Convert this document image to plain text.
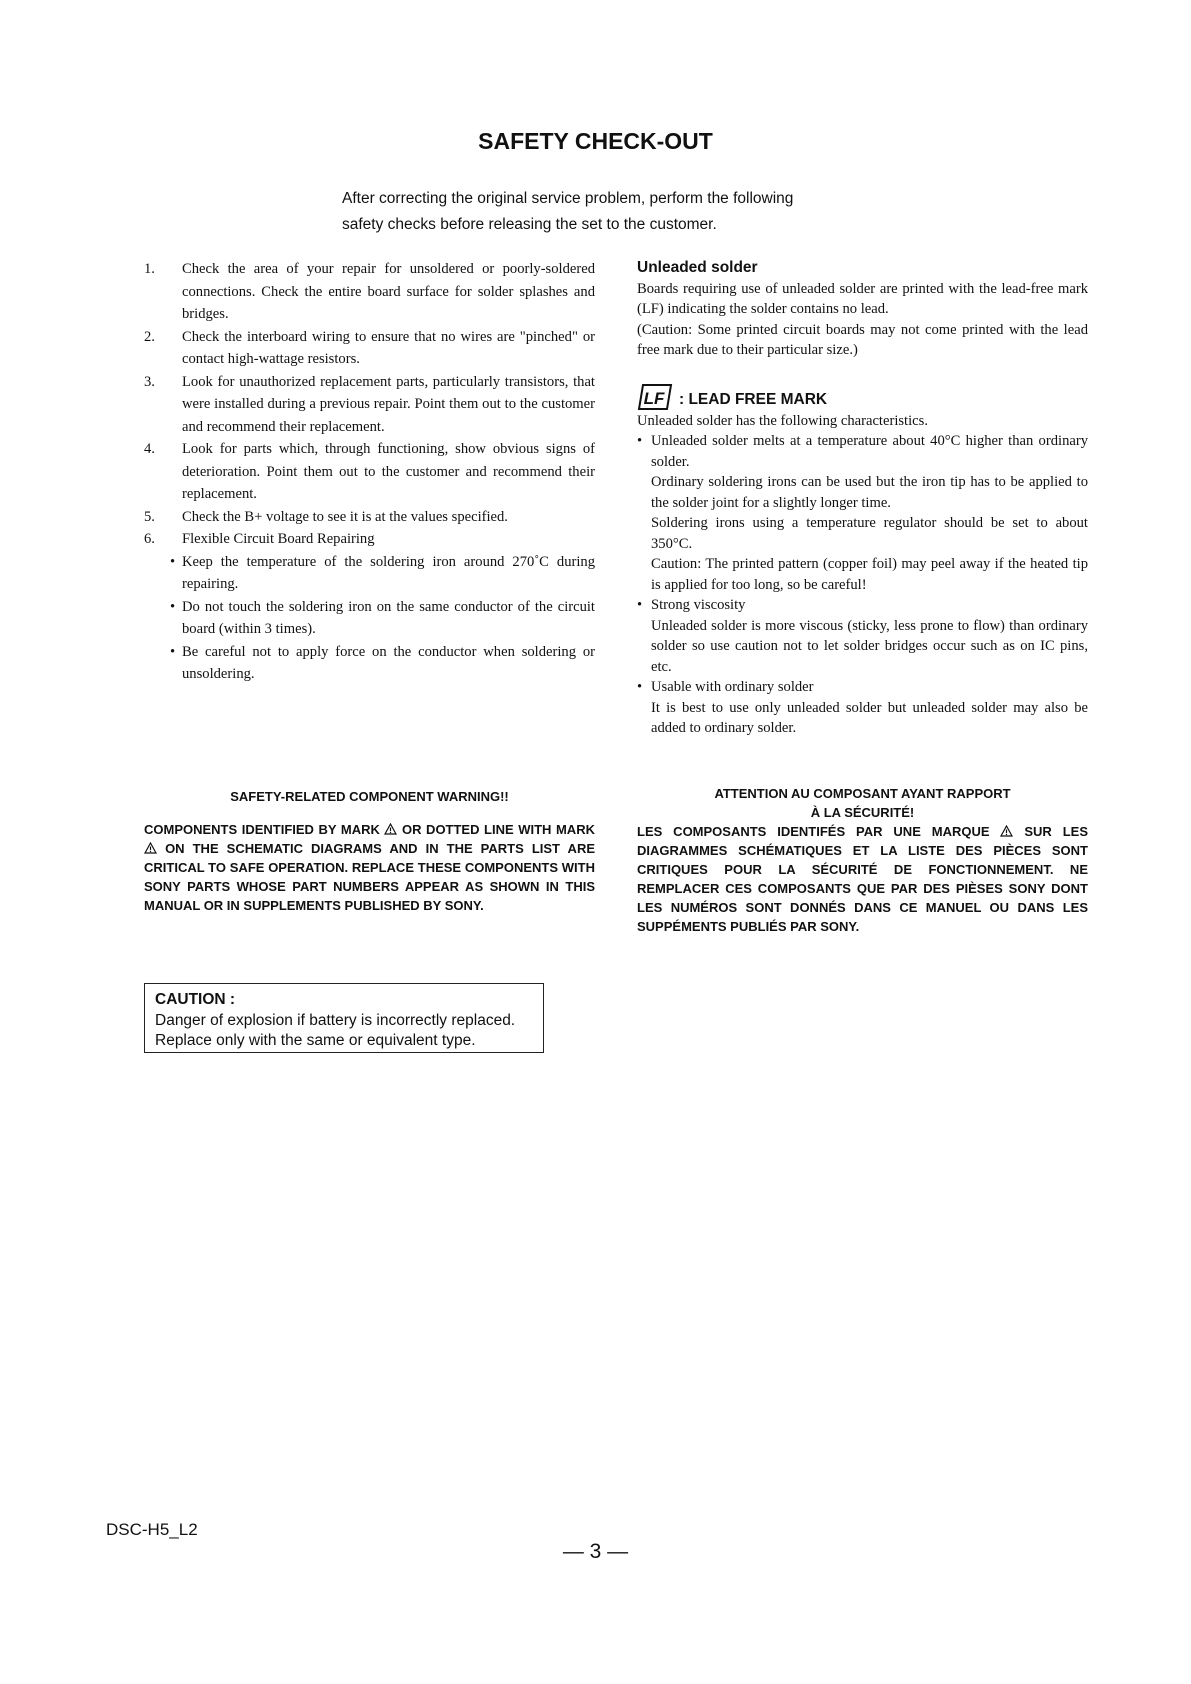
SAFETY CHECK-OUT
After correcting the original service problem, perform the following
safety checks before releasing the set to the customer.
1.	Check the area of your repair for unsoldered or poorly-soldered connections. Check the entire board surface for solder splashes and bridges.
2.	Check the interboard wiring to ensure that no wires are "pinched" or contact high-wattage resistors.
3.	Look for unauthorized replacement parts, particularly transistors, that were installed during a previous repair. Point them out to the customer and recommend their replacement.
4.	Look for parts which, through functioning, show obvious signs of deterioration. Point them out to the customer and recommend their replacement.
5.	Check the B+ voltage to see it is at the values specified.
6.	Flexible Circuit Board Repairing
• Keep the temperature of the soldering iron around 270˚C during repairing.
• Do not touch the soldering iron on the same conductor of the circuit board (within 3 times).
• Be careful not to apply force on the conductor when soldering or unsoldering.
Unleaded solder
Boards requiring use of unleaded solder are printed with the lead-free mark (LF) indicating the solder contains no lead.
(Caution: Some printed circuit boards may not come printed with the lead free mark due to their particular size.)
LF : LEAD FREE MARK
Unleaded solder has the following characteristics.
• Unleaded solder melts at a temperature about 40°C higher than ordinary solder.
Ordinary soldering irons can be used but the iron tip has to be applied to the solder joint for a slightly longer time.
Soldering irons using a temperature regulator should be set to about 350°C.
Caution: The printed pattern (copper foil) may peel away if the heated tip is applied for too long, so be careful!
• Strong viscosity
Unleaded solder is more viscous (sticky, less prone to flow) than ordinary solder so use caution not to let solder bridges occur such as on IC pins, etc.
• Usable with ordinary solder
It is best to use only unleaded solder but unleaded solder may also be added to ordinary solder.
SAFETY-RELATED COMPONENT WARNING!!
COMPONENTS IDENTIFIED BY MARK OR DOTTED LINE WITH MARK  ON THE SCHEMATIC DIAGRAMS AND IN THE PARTS LIST ARE CRITICAL TO SAFE OPERATION. REPLACE THESE COMPONENTS WITH SONY PARTS WHOSE PART NUMBERS APPEAR AS SHOWN IN THIS MANUAL OR IN SUPPLEMENTS PUBLISHED BY SONY.
ATTENTION AU COMPOSANT AYANT RAPPORT
À LA SÉCURITÉ!
LES COMPOSANTS IDENTIFÉS PAR UNE MARQUE	SUR LES DIAGRAMMES SCHÉMATIQUES ET LA LISTE DES PIÈCES SONT CRITIQUES POUR LA SÉCURITÉ DE FONCTIONNEMENT. NE REMPLACER CES COMPOSANTS QUE PAR DES PIÈSES SONY DONT LES NUMÉROS SONT DONNÉS DANS CE MANUEL OU DANS LES SUPPÉMENTS PUBLIÉS PAR SONY.
CAUTION :
Danger of explosion if battery is incorrectly replaced.
Replace only with the same or equivalent type.
DSC-H5_L2
— 3 —
